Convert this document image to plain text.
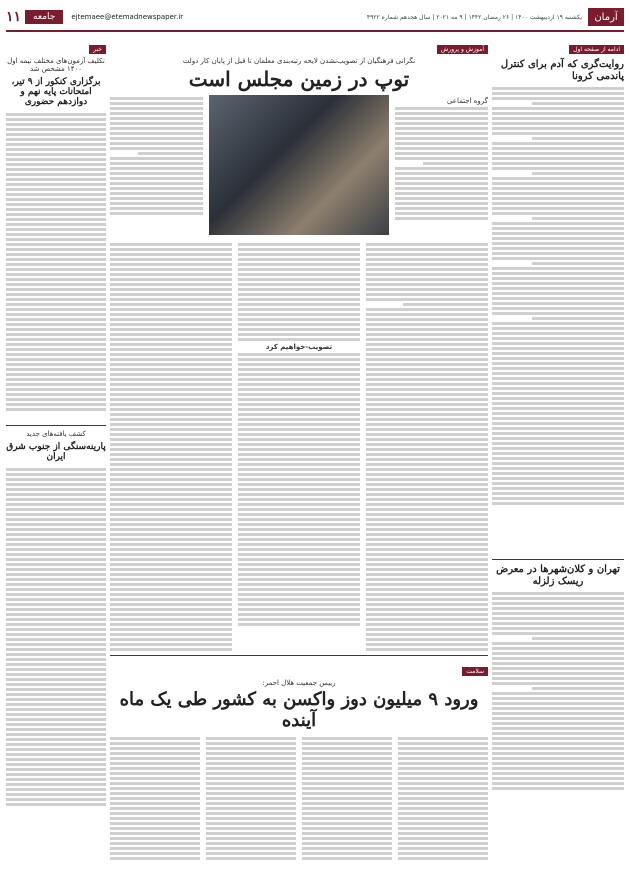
آرمان
یکشنبه ۱۹ اردیبهشت ۱۴۰۰ | ۲۶ رمضان ۱۴۴۲ | ۹ مه ۲۰۲۱ | سال هجدهم شماره ۴۹۲۲
ejtemaee@etemadnewspaper.ir
جامعه
۱۱
ادامه از صفحه اول
روایت‌گری که آدم برای کنترل پاندمی کرونا
تهران و کلان‌شهرها در معرض ریسک زلزله
آموزش و پرورش
نگرانی فرهنگیان از تصویب‌نشدن لایحه رتبه‌بندی معلمان تا قبل از پایان کار دولت
توپ در زمین مجلس است
گروه اجتماعی
تصویب-خواهیم کرد
سلامت
رییس جمعیت هلال احمر:
ورود ۹ میلیون دوز واکسن به کشور طی یک ماه آینده
خبر
تکلیف آزمون‌های مختلف نیمه اول ۱۴۰۰ مشخص شد
برگزاری کنکور از ۹ تیر، امتحانات پایه نهم و دوازدهم حضوری
کشف یافته‌های جدید
پارینه‌سنگی از جنوب شرق ایران
